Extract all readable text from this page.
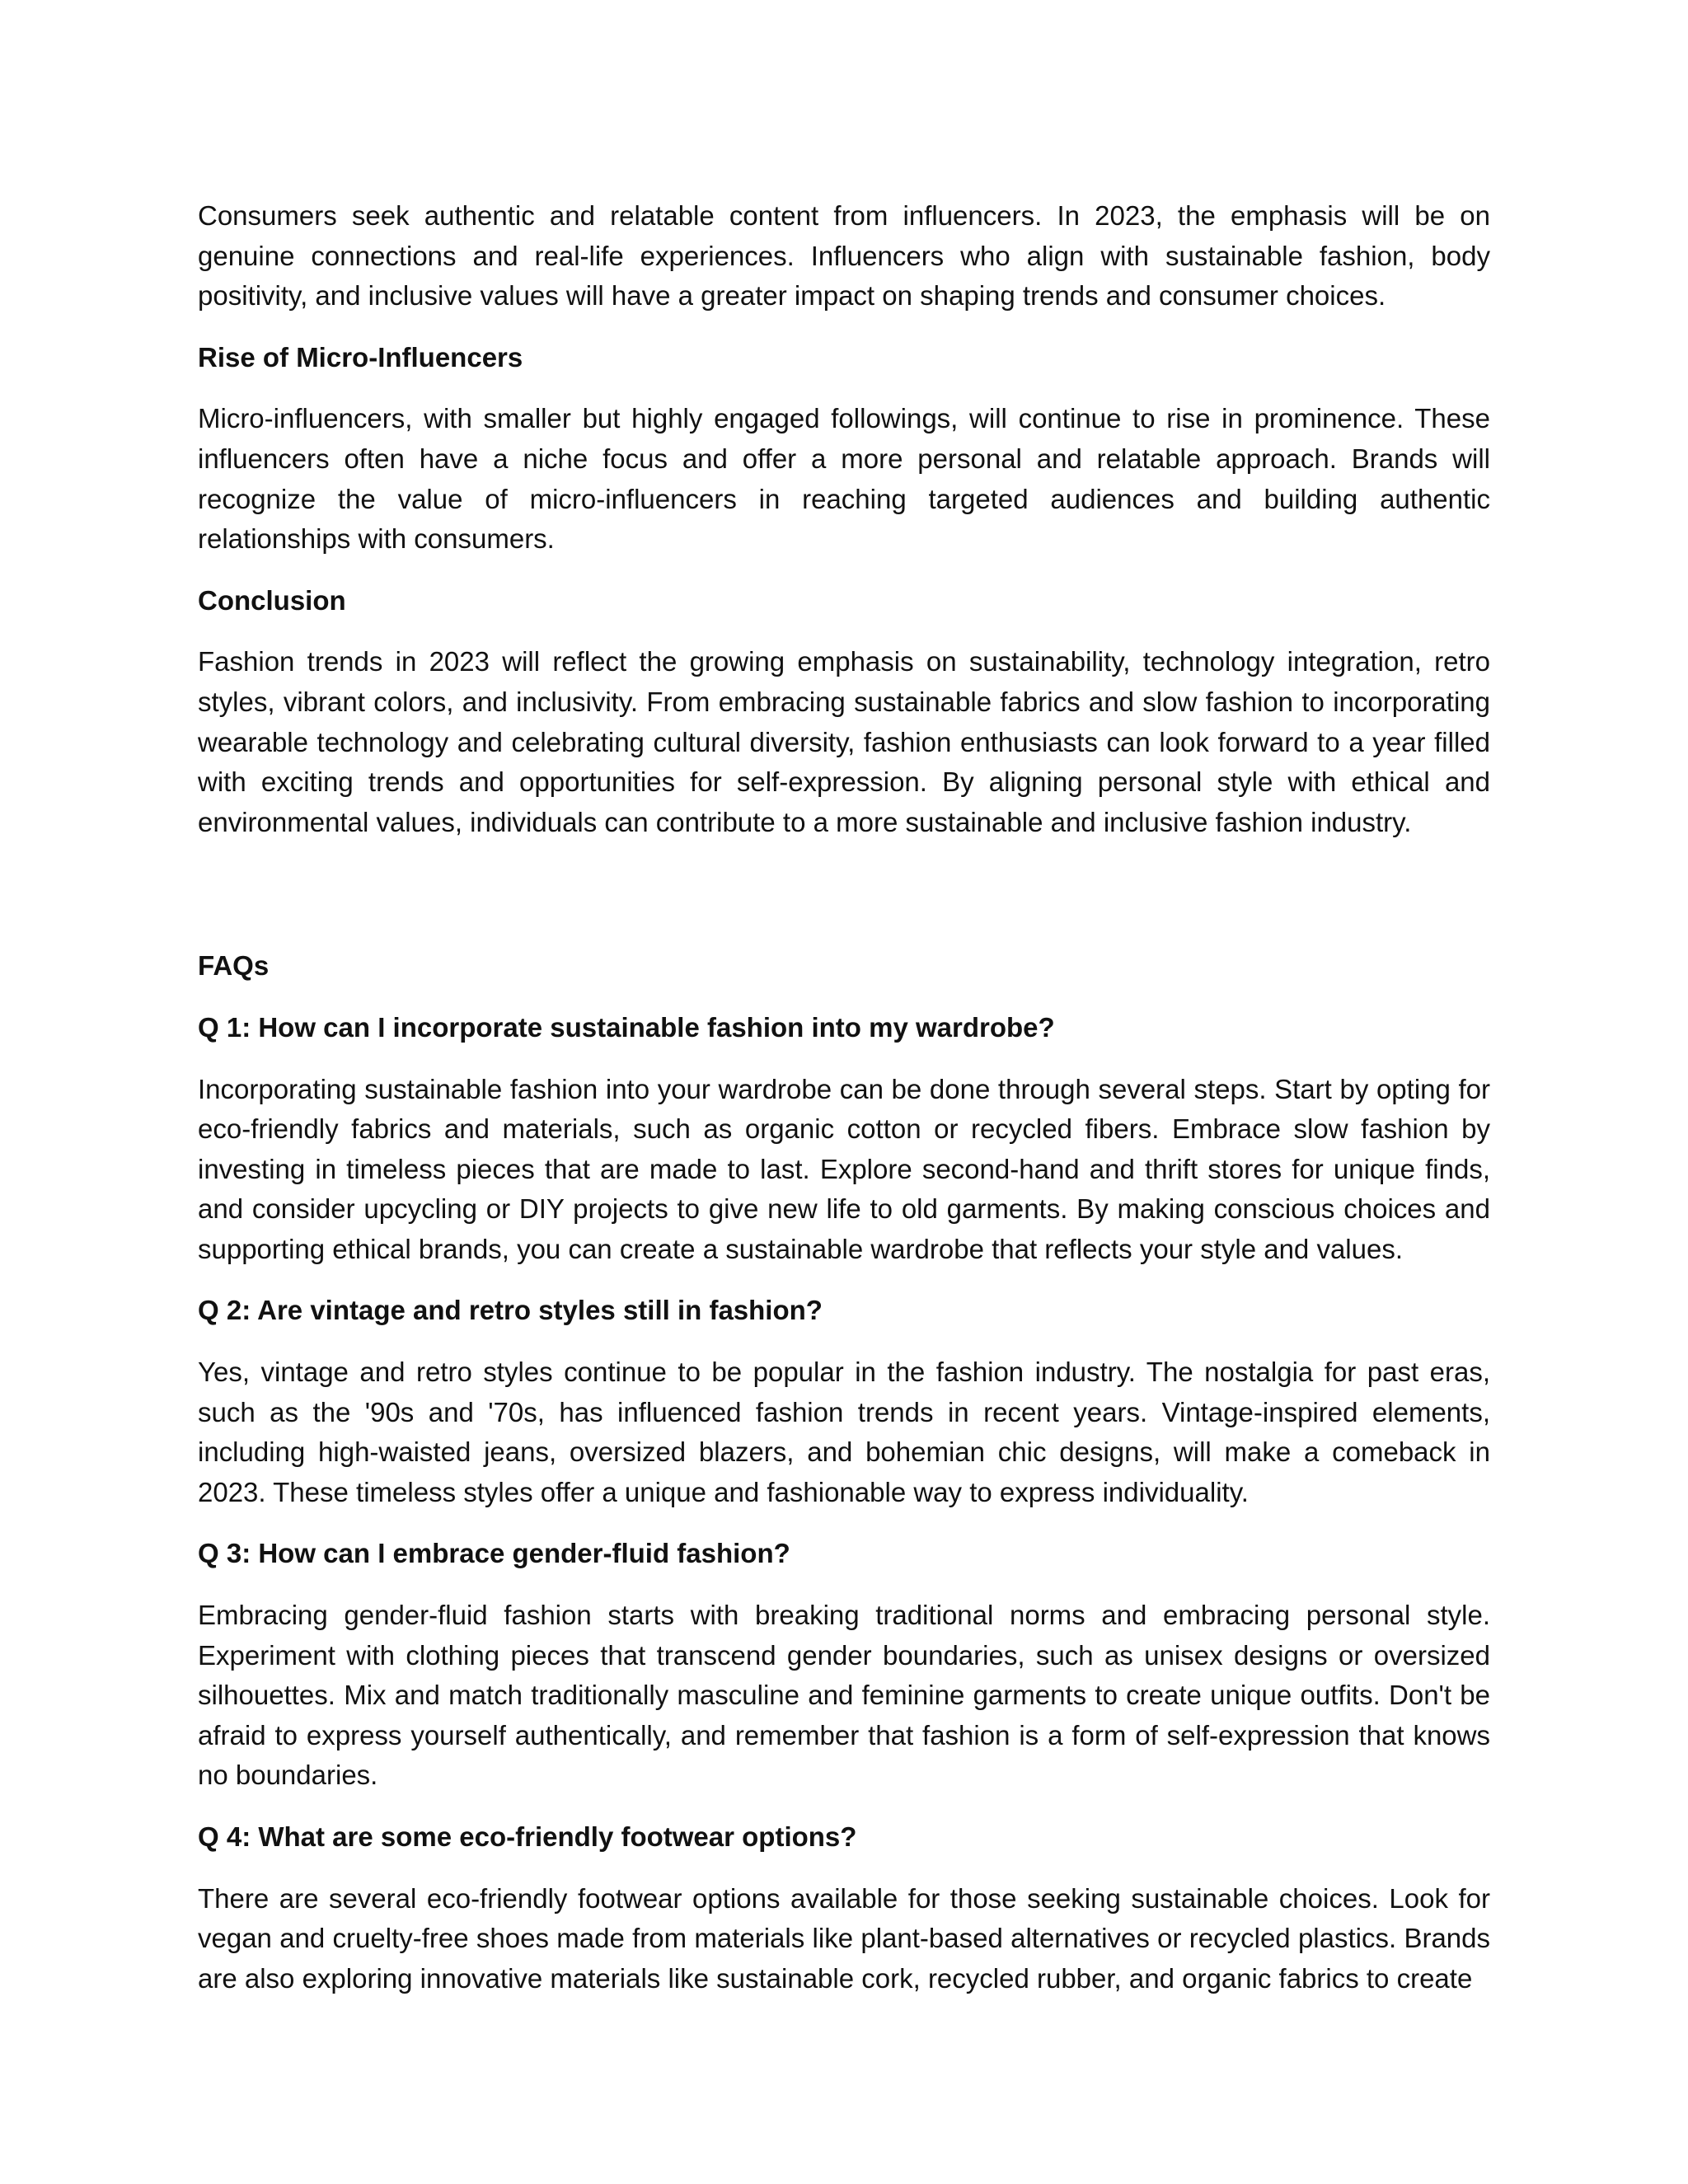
Consumers seek authentic and relatable content from influencers. In 2023, the emphasis will be on genuine connections and real-life experiences. Influencers who align with sustainable fashion, body positivity, and inclusive values will have a greater impact on shaping trends and consumer choices.

Rise of Micro-Influencers

Micro-influencers, with smaller but highly engaged followings, will continue to rise in prominence. These influencers often have a niche focus and offer a more personal and relatable approach. Brands will recognize the value of micro-influencers in reaching targeted audiences and building authentic relationships with consumers.

Conclusion

Fashion trends in 2023 will reflect the growing emphasis on sustainability, technology integration, retro styles, vibrant colors, and inclusivity. From embracing sustainable fabrics and slow fashion to incorporating wearable technology and celebrating cultural diversity, fashion enthusiasts can look forward to a year filled with exciting trends and opportunities for self-expression. By aligning personal style with ethical and environmental values, individuals can contribute to a more sustainable and inclusive fashion industry.

FAQs
Q 1: How can I incorporate sustainable fashion into my wardrobe?

Incorporating sustainable fashion into your wardrobe can be done through several steps. Start by opting for eco-friendly fabrics and materials, such as organic cotton or recycled fibers. Embrace slow fashion by investing in timeless pieces that are made to last. Explore second-hand and thrift stores for unique finds, and consider upcycling or DIY projects to give new life to old garments. By making conscious choices and supporting ethical brands, you can create a sustainable wardrobe that reflects your style and values.

Q 2: Are vintage and retro styles still in fashion?

Yes, vintage and retro styles continue to be popular in the fashion industry. The nostalgia for past eras, such as the '90s and '70s, has influenced fashion trends in recent years. Vintage-inspired elements, including high-waisted jeans, oversized blazers, and bohemian chic designs, will make a comeback in 2023. These timeless styles offer a unique and fashionable way to express individuality.

Q 3: How can I embrace gender-fluid fashion?

Embracing gender-fluid fashion starts with breaking traditional norms and embracing personal style. Experiment with clothing pieces that transcend gender boundaries, such as unisex designs or oversized silhouettes. Mix and match traditionally masculine and feminine garments to create unique outfits. Don't be afraid to express yourself authentically, and remember that fashion is a form of self-expression that knows no boundaries.

Q 4: What are some eco-friendly footwear options?

There are several eco-friendly footwear options available for those seeking sustainable choices. Look for vegan and cruelty-free shoes made from materials like plant-based alternatives or recycled plastics. Brands are also exploring innovative materials like sustainable cork, recycled rubber, and organic fabrics to create
